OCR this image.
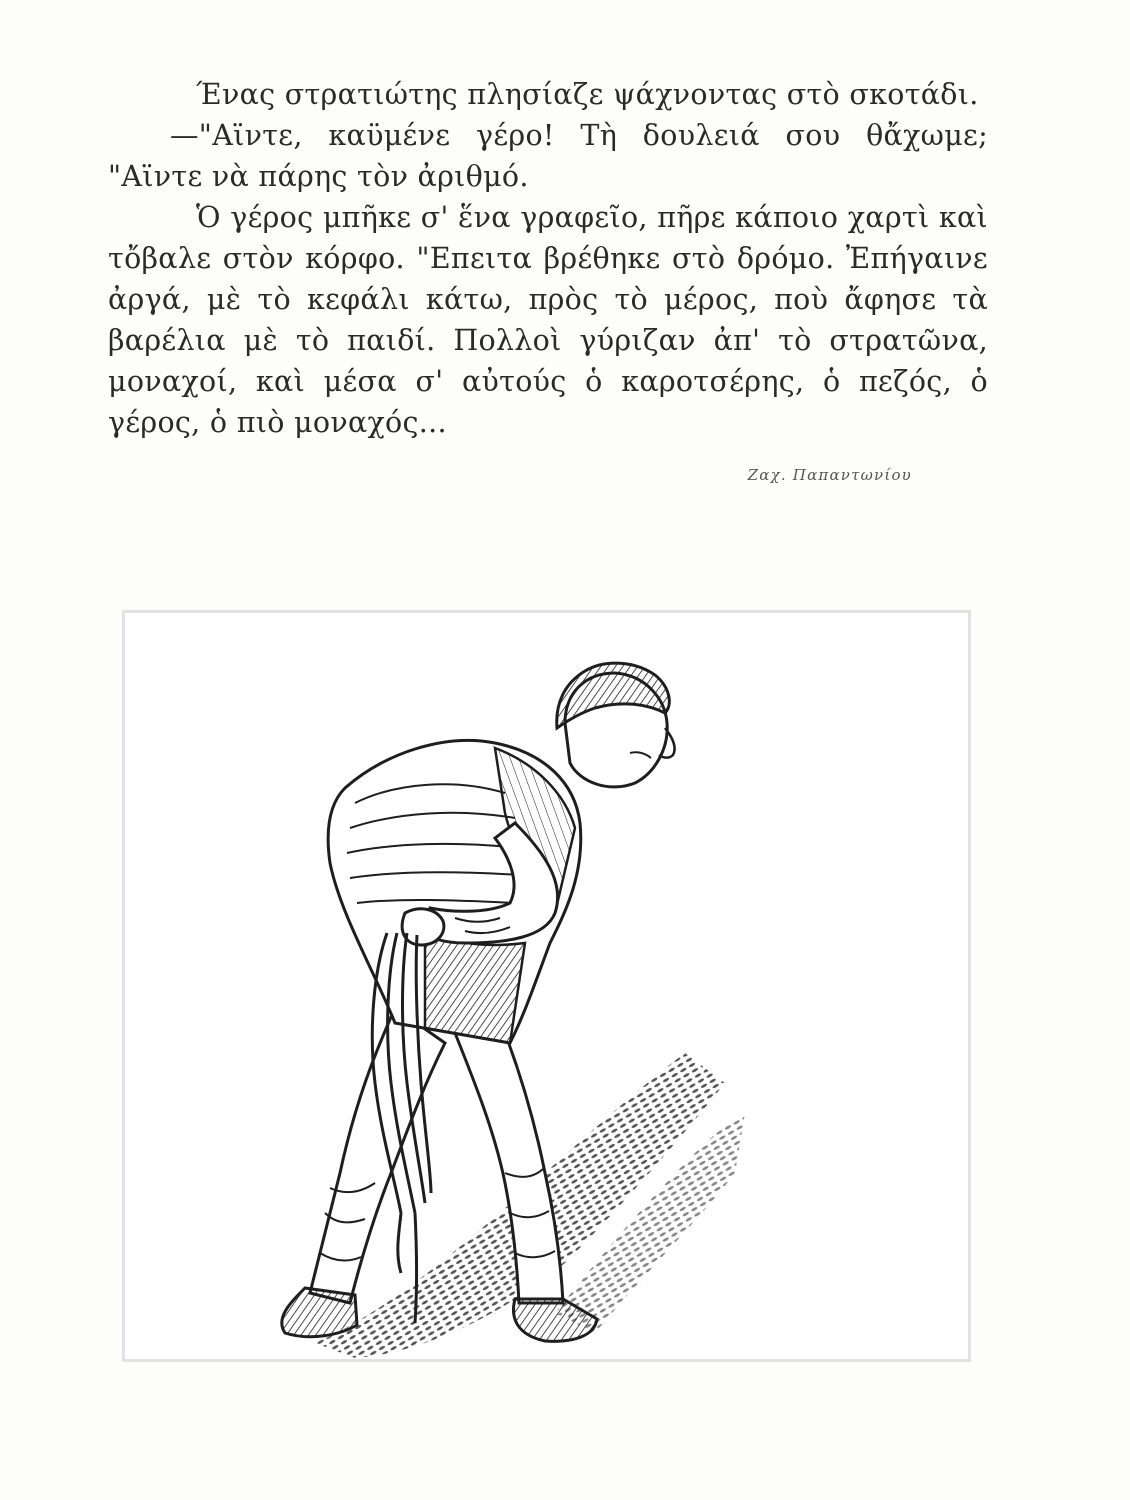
Ένας στρατιώτης πλησίαζε ψάχνοντας στὸ σκοτάδι.

—"Αϊντε, καϋμένε γέρο! Τὴ δουλειά σου θἄχωμε; "Αϊντε νὰ πάρης τὸν ἀριθμό.

Ὁ γέρος μπῆκε σ' ἕνα γραφεῖο, πῆρε κάποιο χαρτὶ καὶ τὄβαλε στὸν κόρφο. "Επειτα βρέθηκε στὸ δρόμο. Ἐπήγαινε ἀργά, μὲ τὸ κεφάλι κάτω, πρὸς τὸ μέρος, ποὺ ἄφησε τὰ βαρέλια μὲ τὸ παιδί. Πολλοὶ γύριζαν ἀπ' τὸ στρατῶνα, μοναχοί, καὶ μέσα σ' αὐτούς ὁ καροτσέρης, ὁ πεζός, ὁ γέρος, ὁ πιὸ μοναχός...

Ζαχ. Παπαντωνίου
